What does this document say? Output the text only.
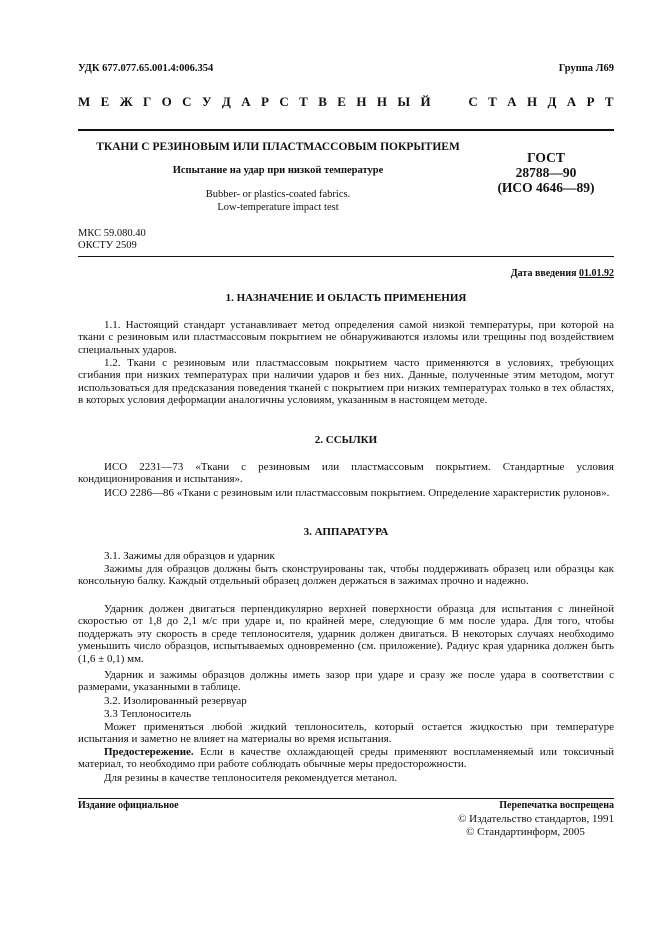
УДК 677.077.65.001.4:006.354	Группа Л69
М Е Ж Г О С У Д А Р С Т В Е Н Н Ы Й

	С Т А Н Д А Р Т
ТКАНИ С РЕЗИНОВЫМ ИЛИ ПЛАСТМАССОВЫМ ПОКРЫТИЕМ
Испытание на удар при низкой температуре
Bubber- or plastics-coated fabrics.
Low-temperature impact test
ГОСТ
28788—90
(ИСО 4646—89)
МКС 59.080.40
ОКСТУ 2509
Дата введения 01.01.92
1. НАЗНАЧЕНИЕ И ОБЛАСТЬ ПРИМЕНЕНИЯ
1.1. Настоящий стандарт устанавливает метод определения самой низкой температуры, при которой на ткани с резиновым или пластмассовым покрытием не обнаруживаются изломы или трещины под воздействием специальных ударов.
1.2. Ткани с резиновым или пластмассовым покрытием часто применяются в условиях, требующих сгибания при низких температурах при наличии ударов и без них. Данные, полученные этим методом, могут использоваться для предсказания поведения тканей с покрытием при низких температурах только в тех областях, в которых условия деформации аналогичны условиям, указанным в настоящем методе.
2. ССЫЛКИ
ИСО 2231—73 «Ткани с резиновым или пластмассовым покрытием. Стандартные условия кондиционирования и испытания».
ИСО 2286—86 «Ткани с резиновым или пластмассовым покрытием. Определение характеристик рулонов».
3. АППАРАТУРА
3.1. Зажимы для образцов и ударник
Зажимы для образцов должны быть сконструированы так, чтобы поддерживать образец или образцы как консольную балку. Каждый отдельный образец должен держаться в зажимах прочно и надежно.
Ударник должен двигаться перпендикулярно верхней поверхности образца для испытания с линейной скоростью от 1,8 до 2,1 м/с при ударе и, по крайней мере, следующие 6 мм после удара. Для того, чтобы поддержать эту скорость в среде теплоносителя, ударник должен двигаться. В некоторых случаях необходимо уменьшить число образцов, испытываемых одновременно (см. приложение). Радиус края ударника должен быть (1,6 ± 0,1) мм.
Ударник и зажимы образцов должны иметь зазор при ударе и сразу же после удара в соответствии с размерами, указанными в таблице.
3.2. Изолированный резервуар
3.3 Теплоноситель
Может применяться любой жидкий теплоноситель, который остается жидкостью при температуре испытания и заметно не влияет на материалы во время испытания.
Предостережение. Если в качестве охлаждающей среды применяют воспламеняемый или токсичный материал, то необходимо при работе соблюдать обычные меры предосторожности.
Для резины в качестве теплоносителя рекомендуется метанол.
Издание официальное	Перепечатка воспрещена
© Издательство стандартов, 1991
© Стандартинформ, 2005
